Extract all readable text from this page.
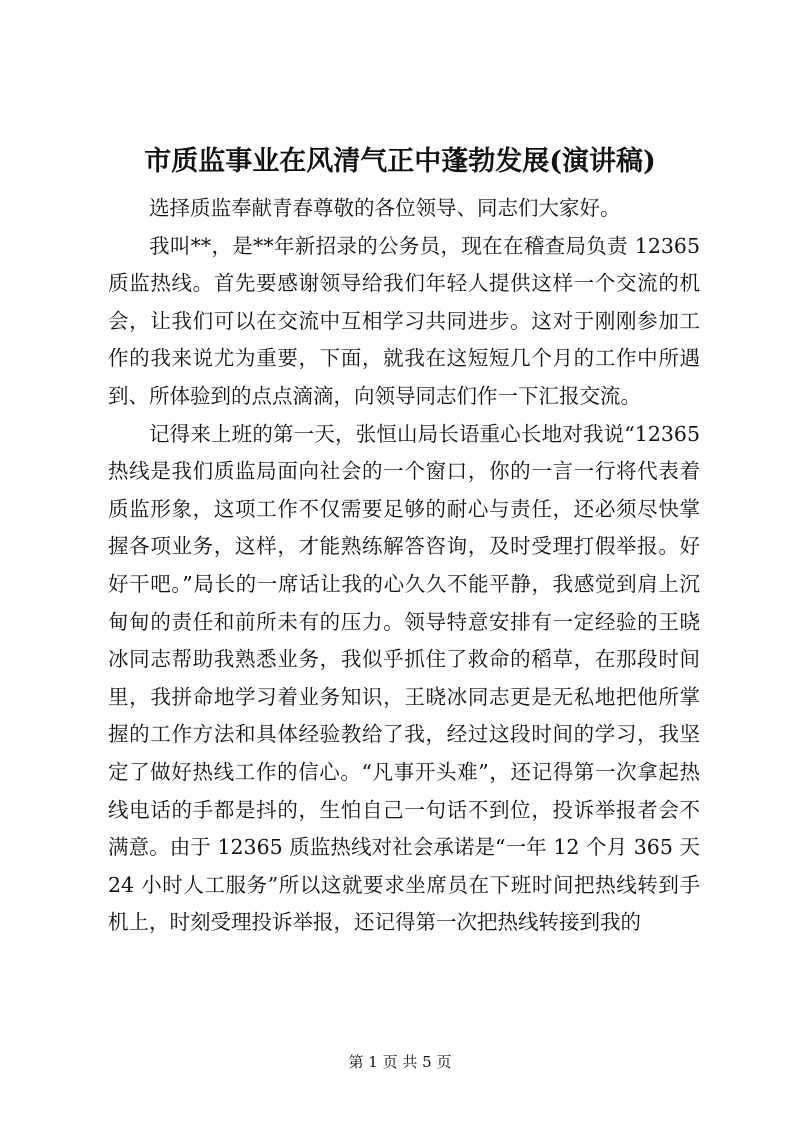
市质监事业在风清气正中蓬勃发展(演讲稿)

选择质监奉献青春尊敬的各位领导、同志们大家好。

我叫**，是**年新招录的公务员，现在在稽查局负责 12365 质监热线。首先要感谢领导给我们年轻人提供这样一个交流的机会，让我们可以在交流中互相学习共同进步。这对于刚刚参加工作的我来说尤为重要，下面，就我在这短短几个月的工作中所遇到、所体验到的点点滴滴，向领导同志们作一下汇报交流。

记得来上班的第一天，张恒山局长语重心长地对我说“12365 热线是我们质监局面向社会的一个窗口，你的一言一行将代表着质监形象，这项工作不仅需要足够的耐心与责任，还必须尽快掌握各项业务，这样，才能熟练解答咨询，及时受理打假举报。好好干吧。”局长的一席话让我的心久久不能平静，我感觉到肩上沉甸甸的责任和前所未有的压力。领导特意安排有一定经验的王晓冰同志帮助我熟悉业务，我似乎抓住了救命的稻草，在那段时间里，我拼命地学习着业务知识，王晓冰同志更是无私地把他所掌握的工作方法和具体经验教给了我，经过这段时间的学习，我坚定了做好热线工作的信心。“凡事开头难”，还记得第一次拿起热线电话的手都是抖的，生怕自己一句话不到位，投诉举报者会不满意。由于 12365 质监热线对社会承诺是“一年 12 个月 365 天 24 小时人工服务”所以这就要求坐席员在下班时间把热线转到手机上，时刻受理投诉举报，还记得第一次把热线转接到我的

第 1 页 共 5 页
